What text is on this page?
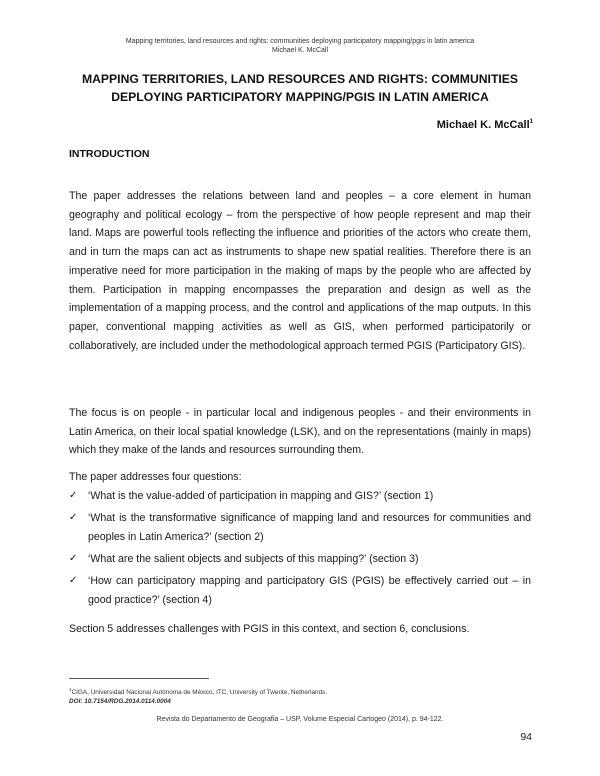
Mapping territories, land resources and rights: communities deploying participatory mapping/pgis in latin america
Michael K. McCall
MAPPING TERRITORIES, LAND RESOURCES AND RIGHTS: COMMUNITIES DEPLOYING PARTICIPATORY MAPPING/PGIS IN LATIN AMERICA
Michael K. McCall$^1$
INTRODUCTION

The paper addresses the relations between land and peoples – a core element in human geography and political ecology – from the perspective of how people represent and map their land. Maps are powerful tools reflecting the influence and priorities of the actors who create them, and in turn the maps can act as instruments to shape new spatial realities. Therefore there is an imperative need for more participation in the making of maps by the people who are affected by them. Participation in mapping encompasses the preparation and design as well as the implementation of a mapping process, and the control and applications of the map outputs. In this paper, conventional mapping activities as well as GIS, when performed participatorily or collaboratively, are included under the methodological approach termed PGIS (Participatory GIS).

The focus is on people - in particular local and indigenous peoples - and their environments in Latin America, on their local spatial knowledge (LSK), and on the representations (mainly in maps) which they make of the lands and resources surrounding them.

The paper addresses four questions:

✓ ‘What is the value-added of participation in mapping and GIS?’ (section 1)
✓ ‘What is the transformative significance of mapping land and resources for communities and peoples in Latin America?’ (section 2)
✓ ‘What are the salient objects and subjects of this mapping?’ (section 3)
✓ ‘How can participatory mapping and participatory GIS (PGIS) be effectively carried out – in good practice?’ (section 4)

Section 5 addresses challenges with PGIS in this context, and section 6, conclusions.

$^1$CIGA, Universidad Nacional Autónoma de México, ITC, University of Twente, Netherlands.
DOI: 10.7154/RDG.2014.0114.0004
Revista do Departamento de Geografia – USP, Volume Especial Cartogeo (2014), p. 94-122.
94
